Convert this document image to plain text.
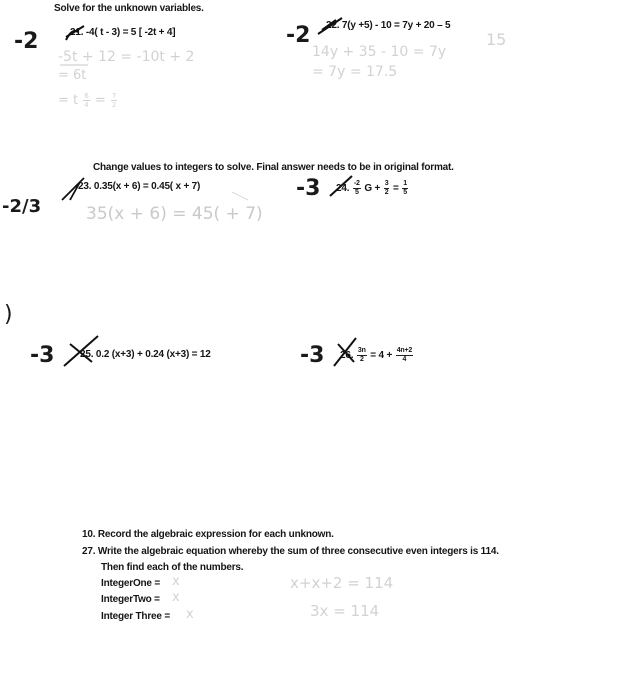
Solve for the unknown variables.
-2	21. -4( t - 3) = 5 [ -2t + 4]
-5t + 12 = -10t + 2
= 6t
= t $\frac{6}{4} = \frac{7}{2}$
-2 22. 7(y +5) - 10 = 7y + 20 – 5
15
14y + 35 - 10 = 7y
= 7y = 17.5
Change values to integers to solve. Final answer needs to be in original format.
-2/3
23. 0.35(x + 6) = 0.45( x + 7)
35(x + 6) = 45( + 7)
-3 24. $\frac{-2}{5}$ $G + \frac{3}{2} = \frac{1}{5}$
)
-3	25. 0.2 (x+3) + 0.24 (x+3) = 12	-3 26. $\frac{3n}{2} = 4 + \frac{4n+2}{4}$
10. Record the algebraic expression for each unknown.
27. Write the algebraic equation whereby the sum of three consecutive even integers is 114.
Then find each of the numbers.
IntegerOne = x
IntegerTwo = x
Integer Three = x
x+x+2 = 114
3x = 114
